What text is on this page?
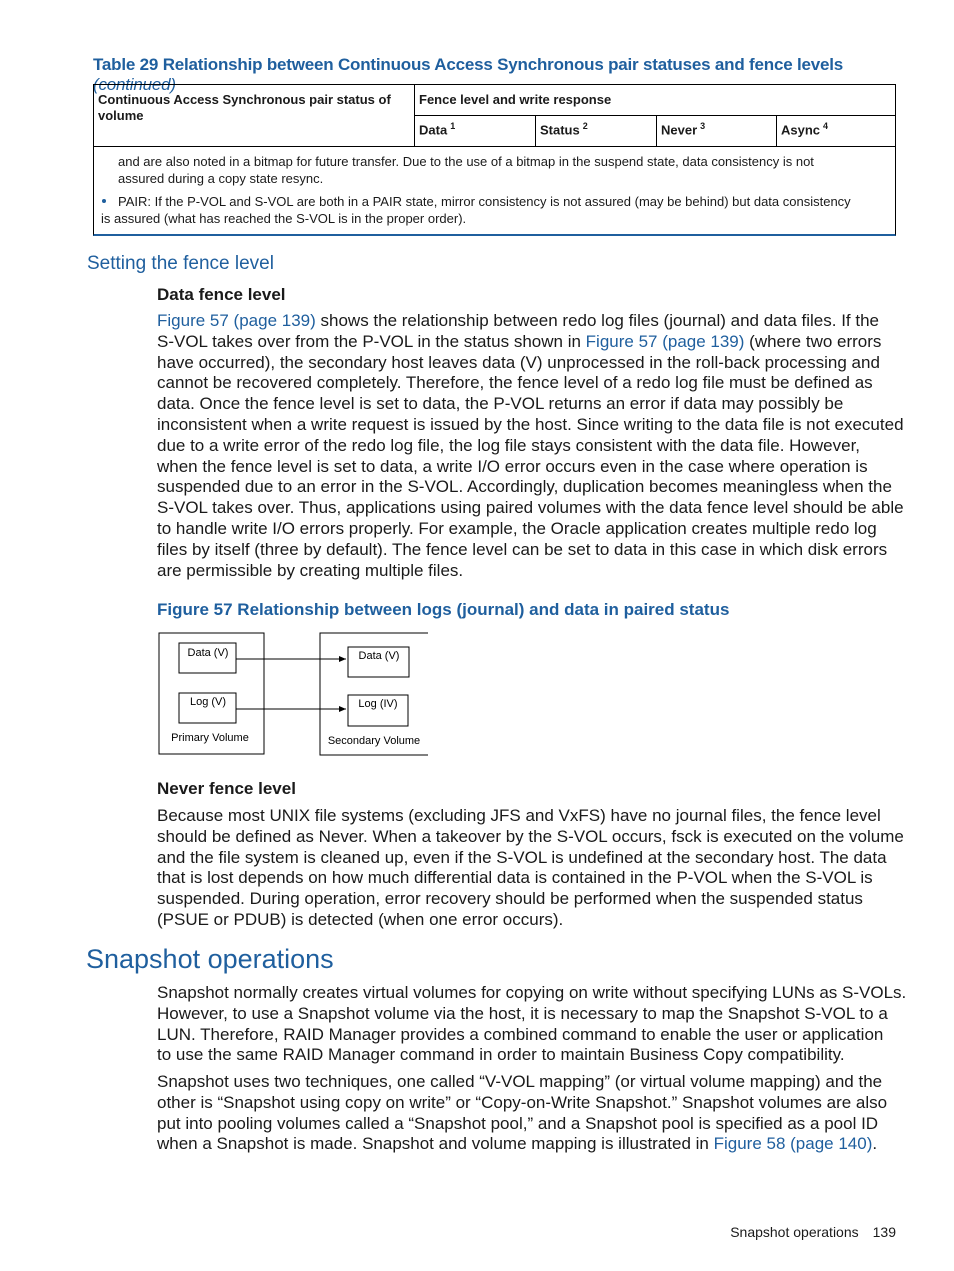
Table 29 Relationship between Continuous Access Synchronous pair statuses and fence levels (continued)
Continuous Access Synchronous pair status of
volume
Fence level and write response
Data $^1$	Status $^2$	Never $^3$	Async $^4$
and are also noted in a bitmap for future transfer. Due to the use of a bitmap in the suspend state, data consistency is not
assured during a copy state resync.
PAIR: If the P-VOL and S-VOL are both in a PAIR state, mirror consistency is not assured (may be behind) but data consistency
is assured (what has reached the S-VOL is in the proper order).
Setting the fence level
Data fence level
Figure 57 (page 139) shows the relationship between redo log files (journal) and data files. If the
S-VOL takes over from the P-VOL in the status shown in Figure 57 (page 139) (where two errors
have occurred), the secondary host leaves data (V) unprocessed in the roll-back processing and
cannot be recovered completely. Therefore, the fence level of a redo log file must be defined as
data. Once the fence level is set to data, the P-VOL returns an error if data may possibly be
inconsistent when a write request is issued by the host. Since writing to the data file is not executed
due to a write error of the redo log file, the log file stays consistent with the data file. However,
when the fence level is set to data, a write I/O error occurs even in the case where operation is
suspended due to an error in the S-VOL. Accordingly, duplication becomes meaningless when the
S-VOL takes over. Thus, applications using paired volumes with the data fence level should be able
to handle write I/O errors properly. For example, the Oracle application creates multiple redo log
files by itself (three by default). The fence level can be set to data in this case in which disk errors
are permissible by creating multiple files.
Figure 57 Relationship between logs (journal) and data in paired status
Data (V)
Log (V)
Primary Volume
Data (V)
Log (IV)
Secondary Volume
Never fence level
Because most UNIX file systems (excluding JFS and VxFS) have no journal files, the fence level
should be defined as Never. When a takeover by the S-VOL occurs, fsck is executed on the volume
and the file system is cleaned up, even if the S-VOL is undefined at the secondary host. The data
that is lost depends on how much differential data is contained in the P-VOL when the S-VOL is
suspended. During operation, error recovery should be performed when the suspended status
(PSUE or PDUB) is detected (when one error occurs).
Snapshot operations
Snapshot normally creates virtual volumes for copying on write without specifying LUNs as S-VOLs.
However, to use a Snapshot volume via the host, it is necessary to map the Snapshot S-VOL to a
LUN. Therefore, RAID Manager provides a combined command to enable the user or application
to use the same RAID Manager command in order to maintain Business Copy compatibility.
Snapshot uses two techniques, one called “V-VOL mapping” (or virtual volume mapping) and the
other is “Snapshot using copy on write” or “Copy-on-Write Snapshot.” Snapshot volumes are also
put into pooling volumes called a “Snapshot pool,” and a Snapshot pool is specified as a pool ID
when a Snapshot is made. Snapshot and volume mapping is illustrated in Figure 58 (page 140).
Snapshot operations 139
